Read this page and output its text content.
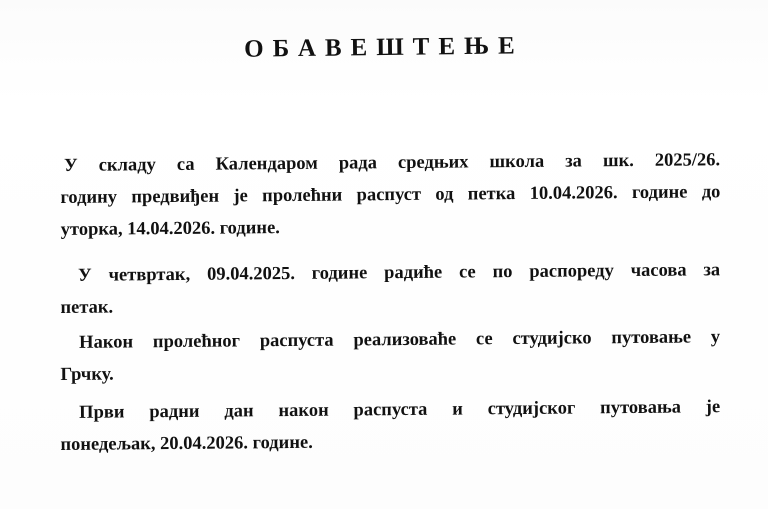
ОБАВЕШТЕЊЕ
У складу са Календаром рада средњих школа за шк. 2025/26.
годину предвиђен је пролећни распуст од петка 10.04.2026. године до
уторка, 14.04.2026. године.
У четвртак, 09.04.2025. године радиће се по распореду часова за
петак.
Након пролећног распуста реализоваће се студијско путовање у
Грчку.
Први радни дан након распуста и студијског путовања је
понедељак, 20.04.2026. године.
